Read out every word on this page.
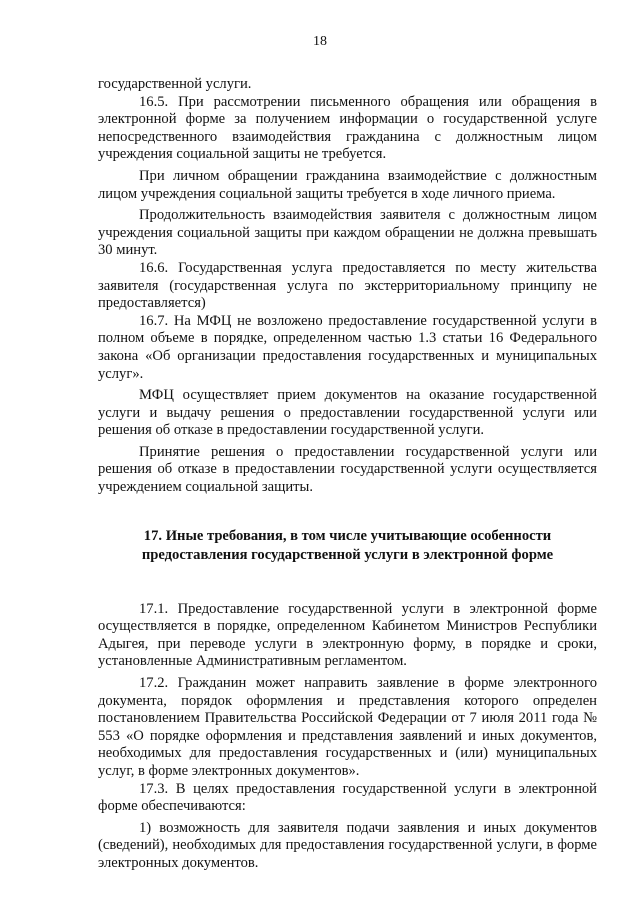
18

государственной услуги.

16.5. При рассмотрении письменного обращения или обращения в электронной форме за получением информации о государственной услуге непосредственного взаимодействия гражданина с должностным лицом учреждения социальной защиты не требуется.

При личном обращении гражданина взаимодействие с должностным лицом учреждения социальной защиты требуется в ходе личного приема.

Продолжительность взаимодействия заявителя с должностным лицом учреждения социальной защиты при каждом обращении не должна превышать 30 минут.

16.6. Государственная услуга предоставляется по месту жительства заявителя (государственная услуга по экстерриториальному принципу не предоставляется)

16.7. На МФЦ не возложено предоставление государственной услуги в полном объеме в порядке, определенном частью 1.3 статьи 16 Федерального закона «Об организации предоставления государственных и муниципальных услуг».

МФЦ осуществляет прием документов на оказание государственной услуги и выдачу решения о предоставлении государственной услуги или решения об отказе в предоставлении государственной услуги.

Принятие решения о предоставлении государственной услуги или решения об отказе в предоставлении государственной услуги осуществляется учреждением социальной защиты.

17. Иные требования, в том числе учитывающие особенности
предоставления государственной услуги в электронной форме

17.1. Предоставление государственной услуги в электронной форме осуществляется в порядке, определенном Кабинетом Министров Республики Адыгея, при переводе услуги в электронную форму, в порядке и сроки, установленные Административным регламентом.

17.2. Гражданин может направить заявление в форме электронного документа, порядок оформления и представления которого определен постановлением Правительства Российской Федерации от 7 июля 2011 года № 553 «О порядке оформления и представления заявлений и иных документов, необходимых для предоставления государственных и (или) муниципальных услуг, в форме электронных документов».

17.3. В целях предоставления государственной услуги в электронной форме обеспечиваются:

1) возможность для заявителя подачи заявления и иных документов (сведений), необходимых для предоставления государственной услуги, в форме электронных документов.
